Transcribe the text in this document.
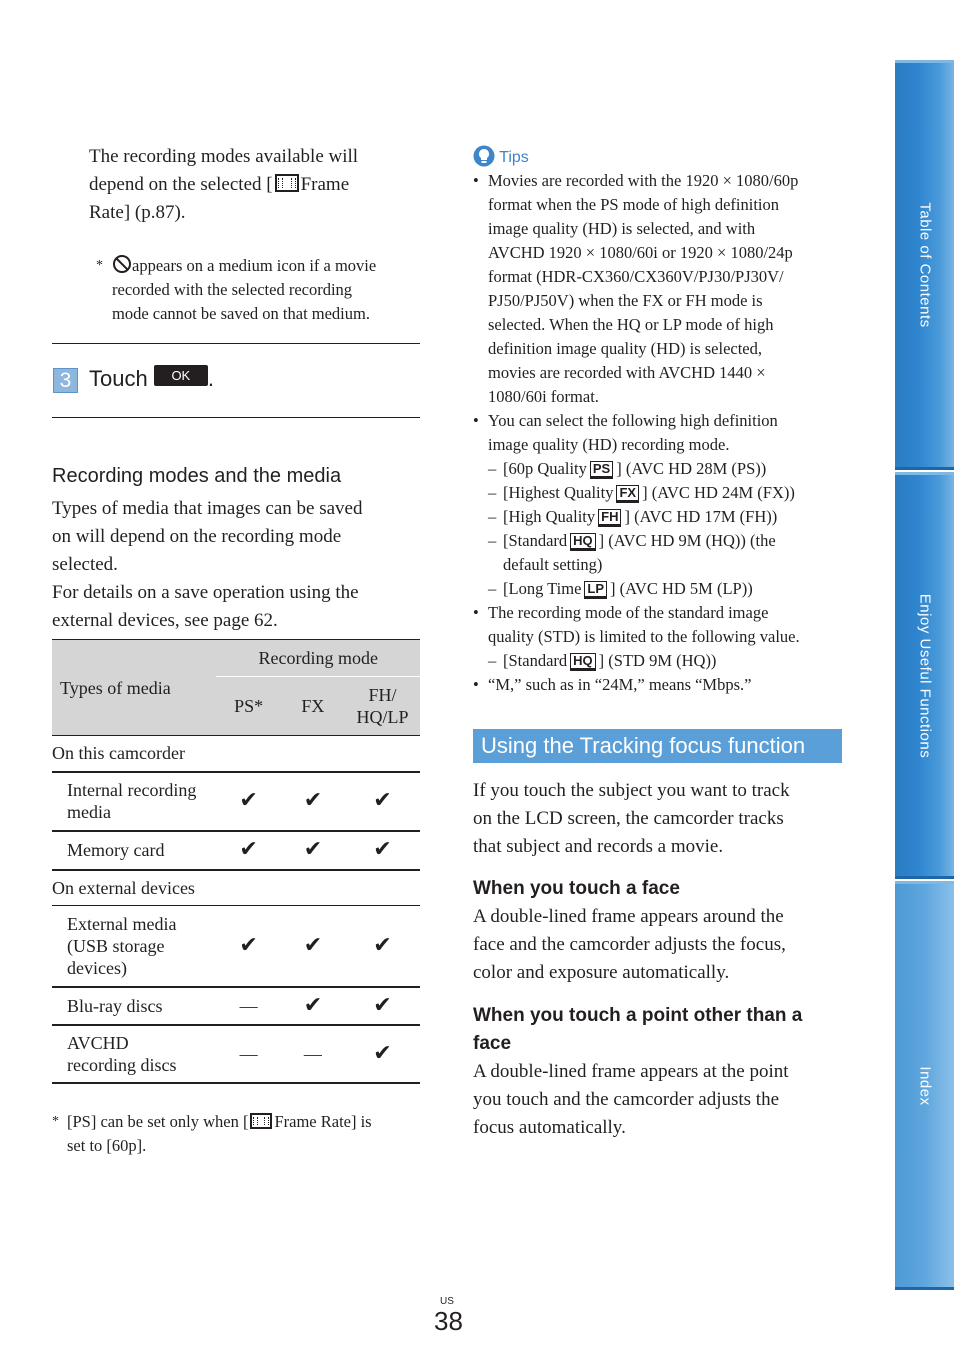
Table of Contents
Enjoy Useful Functions
Index
The recording modes available will
depend on the selected [ Frame
Rate] (p.87).
*	appears on a medium icon if a movie
recorded with the selected recording
mode cannot be saved on that medium.
3 Touch OK .
Recording modes and the media
Types of media that images can be saved
on will depend on the recording mode
selected.
For details on a save operation using the
external devices, see page 62.
Types of media	Recording mode		
	PS*	FX	FH/
HQ/LP

On this camcorder			

Internal recording
media	✔	✔	✔
Memory card	✔	✔	✔
On external devices			

External media
(USB storage
devices)	✔	✔	✔
Blu-ray discs	—	✔	✔

AVCHD
recording discs	—	—	✔
* [PS] can be set only when [ Frame Rate] is
set to [60p].
Tips
• Movies are recorded with the 1920 × 1080/60p
format when the PS mode of high definition
image quality (HD) is selected, and with
AVCHD 1920 × 1080/60i or 1920 × 1080/24p
format (HDR-CX360/CX360V/PJ30/PJ30V/
PJ50/PJ50V) when the FX or FH mode is
selected. When the HQ or LP mode of high
definition image quality (HD) is selected,
movies are recorded with AVCHD 1440 ×
1080/60i format.
• You can select the following high definition
image quality (HD) recording mode.
– [60p Quality PS ] (AVC HD 28M (PS))
– [Highest Quality FX ] (AVC HD 24M (FX))
– [High Quality FH ] (AVC HD 17M (FH))
– [Standard HQ ] (AVC HD 9M (HQ)) (the
default setting)
– [Long Time LP ] (AVC HD 5M (LP))
• The recording mode of the standard image
quality (STD) is limited to the following value.
– [Standard HQ ] (STD 9M (HQ))
• “M,” such as in “24M,” means “Mbps.”
Using the Tracking focus function
If you touch the subject you want to track
on the LCD screen, the camcorder tracks
that subject and records a movie.
When you touch a face
A double-lined frame appears around the
face and the camcorder adjusts the focus,
color and exposure automatically.
When you touch a point other than a
face
A double-lined frame appears at the point
you touch and the camcorder adjusts the
focus automatically.
US
38
